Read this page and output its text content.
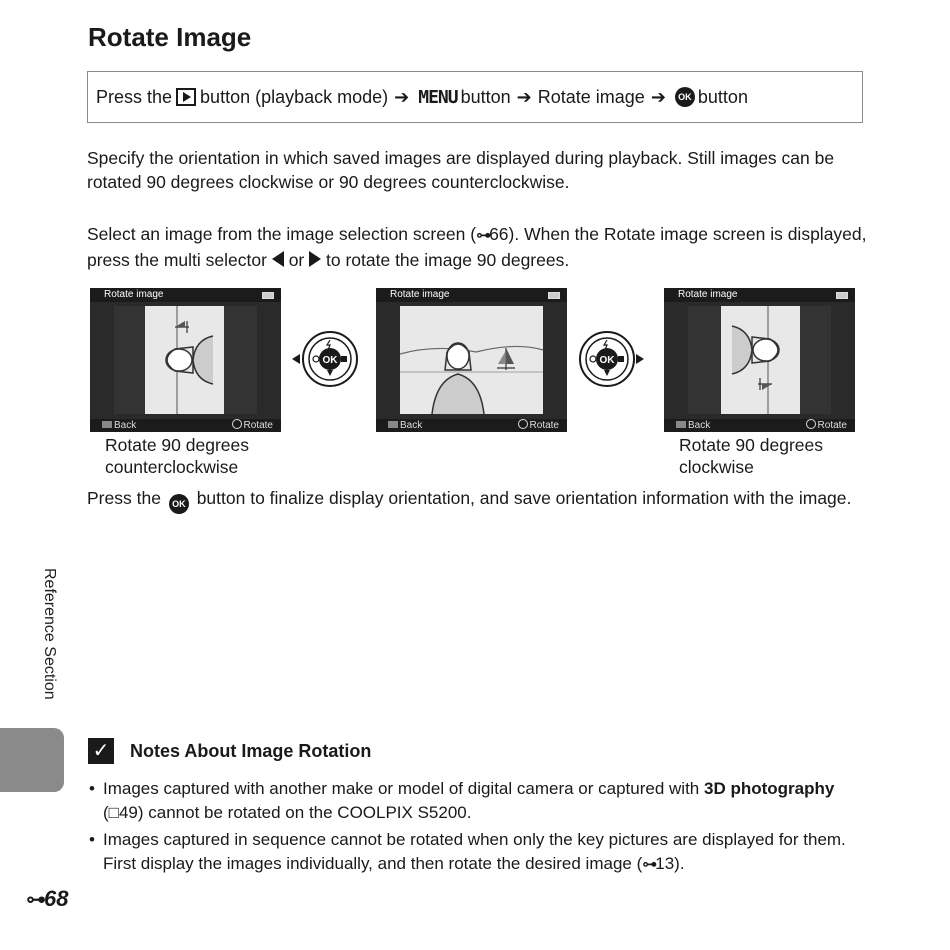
Rotate Image
Press the button (playback mode) ➔ MENU button ➔ Rotate image ➔	OK button

Specify the orientation in which saved images are displayed during playback. Still images can be rotated 90 degrees clockwise or 90 degrees counterclockwise.

Select an image from the image selection screen (⊶66). When the Rotate image screen is displayed, press the multi selector or to rotate the image 90 degrees.

Rotate image
Back	Rotate
OK
Rotate image
Back	Rotate
OK
Rotate image
Back	Rotate

Rotate 90 degrees

counterclockwise

Rotate 90 degrees

clockwise

Press the OK button to finalize display orientation, and save orientation information with the image.

Reference Section
✓ Notes About Image Rotation

• Images captured with another make or model of digital camera or captured with 3D photography (□49) cannot be rotated on the COOLPIX S5200.

• Images captured in sequence cannot be rotated when only the key pictures are displayed for them. First display the images individually, and then rotate the desired image (⊶13).

⊶68
